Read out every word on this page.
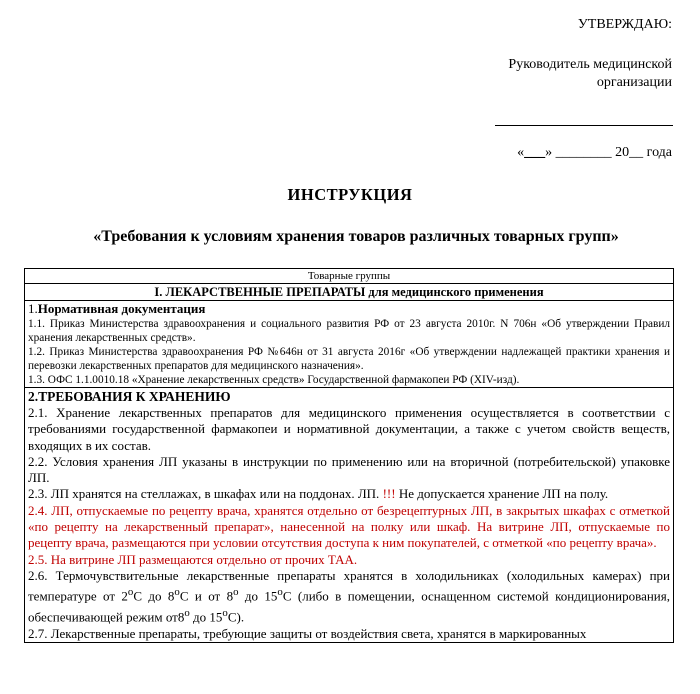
УТВЕРЖДАЮ:
Руководитель медицинской организации
«___» ________ 20__ года
ИНСТРУКЦИЯ
«Требования к условиям хранения товаров различных товарных групп»
Товарные группы
I. ЛЕКАРСТВЕННЫЕ ПРЕПАРАТЫ для медицинского применения

1.Нормативная документация

1.1. Приказ Министерства здравоохранения и социального развития РФ от 23 августа 2010г. N 706н «Об утверждении Правил хранения лекарственных средств».

1.2. Приказ Министерства здравоохранения РФ №646н от 31 августа 2016г «Об утверждении надлежащей практики хранения и перевозки лекарственных препаратов для медицинского назначения».

1.3. ОФС 1.1.0010.18 «Хранение лекарственных средств» Государственной фармакопеи РФ (XIV-изд).

2.ТРЕБОВАНИЯ К ХРАНЕНИЮ

2.1. Хранение лекарственных препаратов для медицинского применения осуществляется в соответствии с требованиями государственной фармакопеи и нормативной документации, а также с учетом свойств веществ, входящих в их состав.

2.2. Условия хранения ЛП указаны в инструкции по применению или на вторичной (потребительской) упаковке ЛП.

2.3. ЛП хранятся на стеллажах, в шкафах или на поддонах. ЛП. !!! Не допускается хранение ЛП на полу.

2.4. ЛП, отпускаемые по рецепту врача, хранятся отдельно от безрецептурных ЛП, в закрытых шкафах с отметкой «по рецепту на лекарственный препарат», нанесенной на полку или шкаф. На витрине ЛП, отпускаемые по рецепту врача, размещаются при условии отсутствия доступа к ним покупателей, с отметкой «по рецепту врача».

2.5. На витрине ЛП размещаются отдельно от прочих ТАА.

2.6. Термочувствительные лекарственные препараты хранятся в холодильниках (холодильных камерах) при температуре от $2^оС$ до $8^оС$ и от $8^о$ до $15^оС$ (либо в помещении, оснащенном системой кондиционирования, обеспечивающей режим $от8^о$ до $15^оС$).

2.7. Лекарственные препараты, требующие защиты от воздействия света, хранятся в маркированных
